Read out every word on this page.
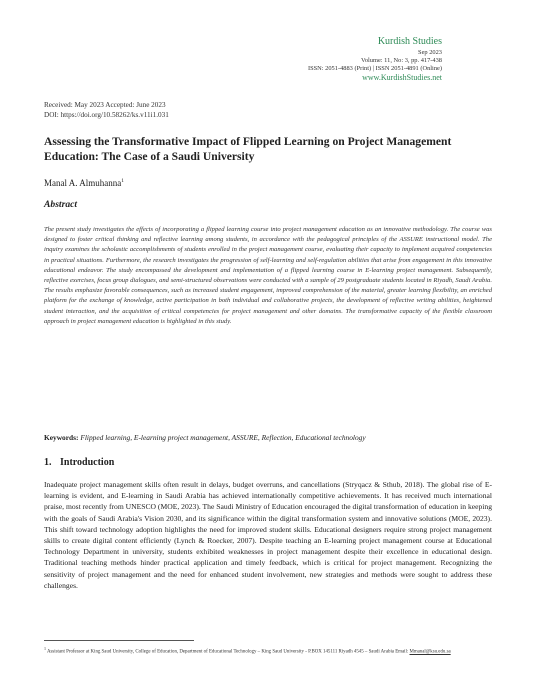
Kurdish Studies
Sep 2023
Volume: 11, No: 3, pp. 417-438
ISSN: 2051-4883 (Print) | ISSN 2051-4891 (Online)
www.KurdishStudies.net
Received: May 2023 Accepted: June 2023
DOI: https://doi.org/10.58262/ks.v11i1.031
Assessing the Transformative Impact of Flipped Learning on Project Management Education: The Case of a Saudi University
Manal A. Almuhanna$^1$
Abstract

The present study investigates the effects of incorporating a flipped learning course into project management education as an innovative methodology. The course was designed to foster critical thinking and reflective learning among students, in accordance with the pedagogical principles of the ASSURE instructional model. The inquiry examines the scholastic accomplishments of students enrolled in the project management course, evaluating their capacity to implement acquired competencies in practical situations. Furthermore, the research investigates the progression of self-learning and self-regulation abilities that arise from engagement in this innovative educational endeavor. The study encompassed the development and implementation of a flipped learning course in E-learning project management. Subsequently, reflective exercises, focus group dialogues, and semi-structured observations were conducted with a sample of 29 postgraduate students located in Riyadh, Saudi Arabia. The results emphasize favorable consequences, such as increased student engagement, improved comprehension of the material, greater learning flexibility, an enriched platform for the exchange of knowledge, active participation in both individual and collaborative projects, the development of reflective writing abilities, heightened student interaction, and the acquisition of critical competencies for project management and other domains. The transformative capacity of the flexible classroom approach in project management education is highlighted in this study.

Keywords: Flipped learning, E-learning project management, ASSURE, Reflection, Educational technology
1. Introduction

Inadequate project management skills often result in delays, budget overruns, and cancellations (Stryqacz & Sthub, 2018). The global rise of E-learning is evident, and E-learning in Saudi Arabia has achieved internationally competitive achievements. It has received much international praise, most recently from UNESCO (MOE, 2023). The Saudi Ministry of Education encouraged the digital transformation of education in keeping with the goals of Saudi Arabia's Vision 2030, and its significance within the digital transformation system and innovative solutions (MOE, 2023). This shift toward technology adoption highlights the need for improved student skills. Educational designers require strong project management skills to create digital content efficiently (Lynch & Roecker, 2007). Despite teaching an E-learning project management course at Educational Technology Department in university, students exhibited weaknesses in project management despite their excellence in educational design. Traditional teaching methods hinder practical application and timely feedback, which is critical for project management. Recognizing the sensitivity of project management and the need for enhanced student involvement, new strategies and methods were sought to address these challenges.

$^1$ Assistant Professor at King Saud University, College of Education, Department of Educational Technology – King Saud University - P.BOX 145111 Riyadh 4545 – Saudi Arabia Email: Mmanal@ksu.edu.sa
